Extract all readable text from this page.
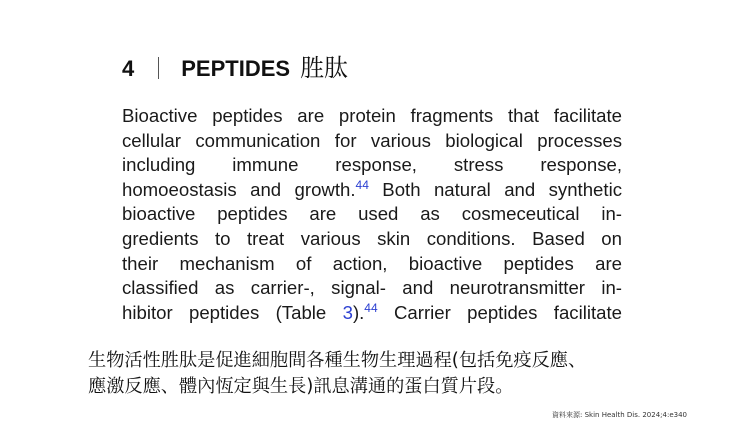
4 PEPTIDES 胜肽
Bioactive peptides are protein fragments that facilitate
cellular communication for various biological processes
including immune response, stress response,
homoeostasis and growth.$^{44}$ Both natural and synthetic
bioactive peptides are used as cosmeceutical in-
gredients to treat various skin conditions. Based on
their mechanism of action, bioactive peptides are
classified as carrier-, signal- and neurotransmitter in-
hibitor peptides (Table 3).$^{44}$ Carrier peptides facilitate
生物活性胜肽是促進細胞間各種生物生理過程(包括免疫反應、
應激反應、體內恆定與生長)訊息溝通的蛋白質片段。
資料來源: Skin Health Dis. 2024;4:e340
